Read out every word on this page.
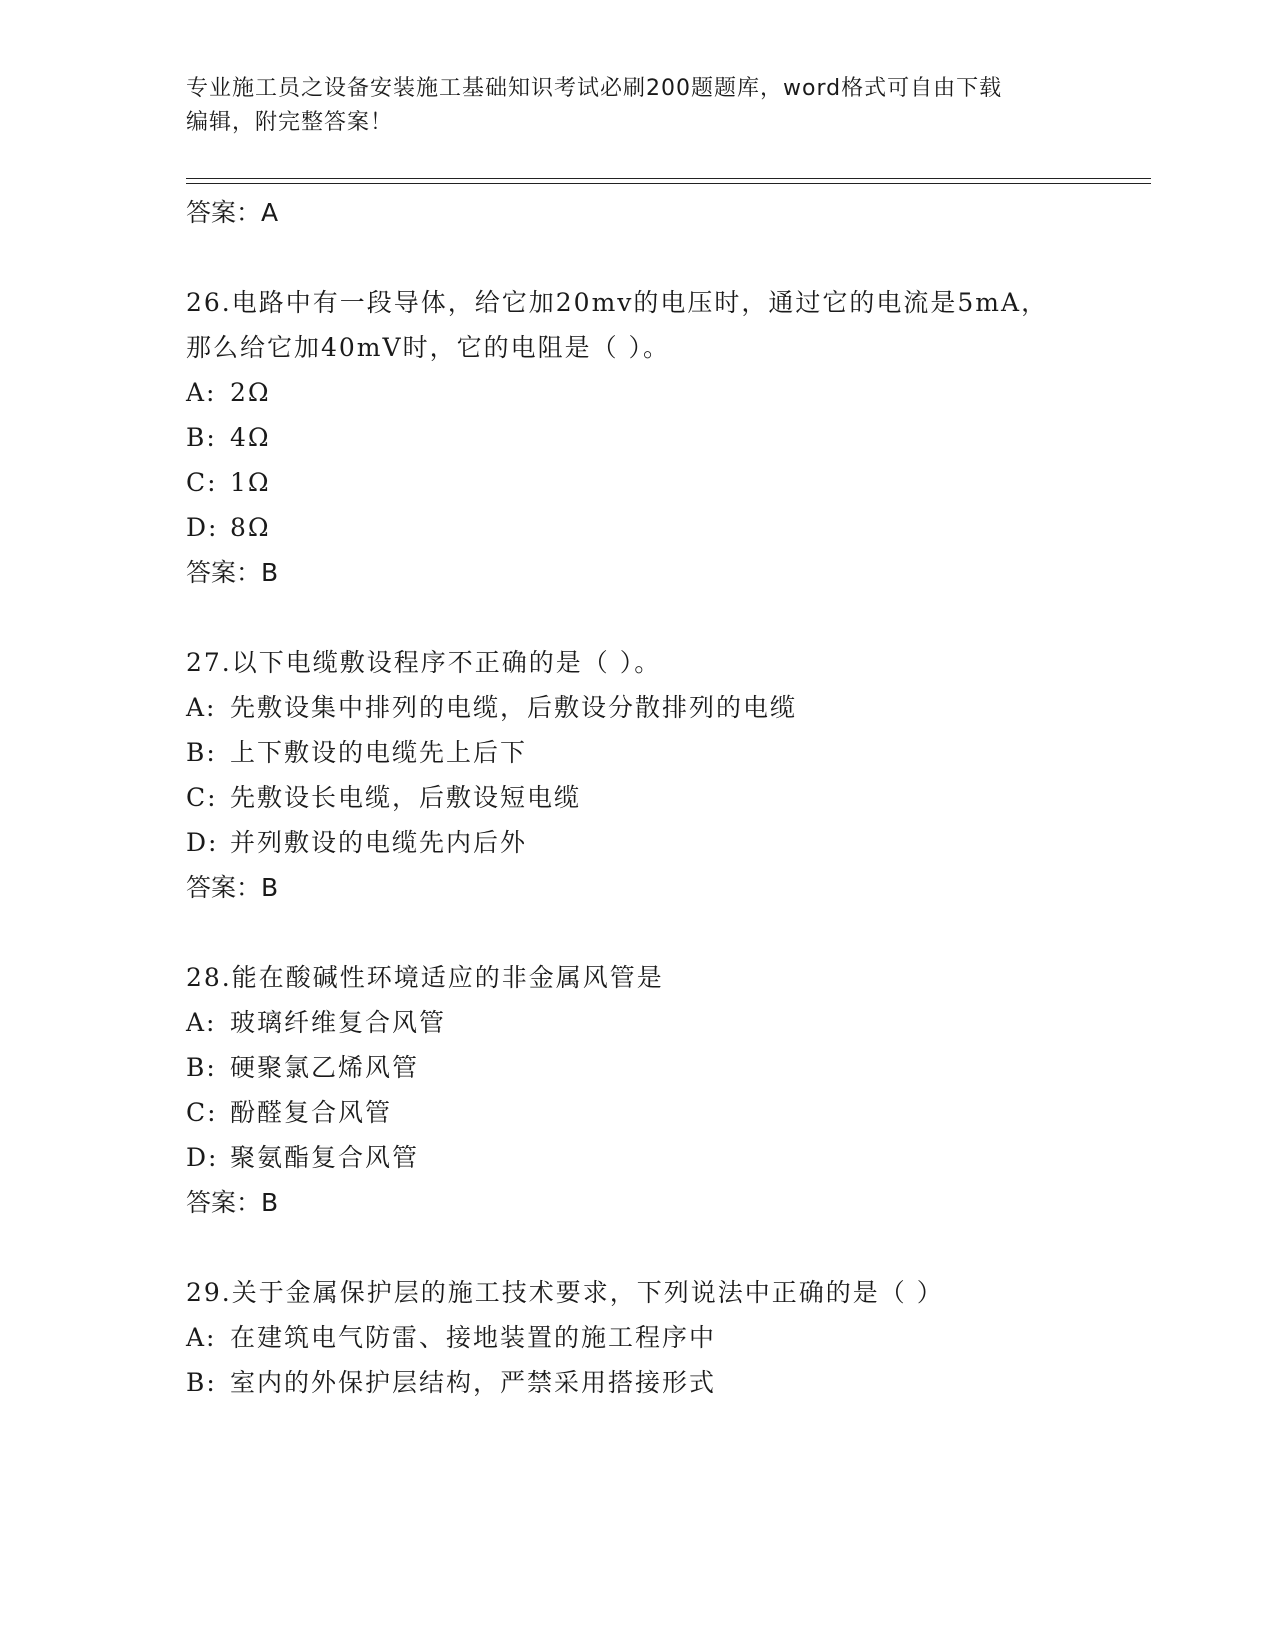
专业施工员之设备安装施工基础知识考试必刷200题题库，word格式可自由下载
编辑，附完整答案！
答案：A
26.电路中有一段导体，给它加20mv的电压时，通过它的电流是5mA，
那么给它加40mV时，它的电阻是（ ）。
A: 2Ω
B: 4Ω
C: 1Ω
D: 8Ω
答案：B
27.以下电缆敷设程序不正确的是（ ）。
A: 先敷设集中排列的电缆，后敷设分散排列的电缆
B: 上下敷设的电缆先上后下
C: 先敷设长电缆，后敷设短电缆
D: 并列敷设的电缆先内后外
答案：B
28.能在酸碱性环境适应的非金属风管是
A: 玻璃纤维复合风管
B: 硬聚氯乙烯风管
C: 酚醛复合风管
D: 聚氨酯复合风管
答案：B
29.关于金属保护层的施工技术要求，下列说法中正确的是（ ）
A: 在建筑电气防雷、接地装置的施工程序中
B: 室内的外保护层结构，严禁采用搭接形式
